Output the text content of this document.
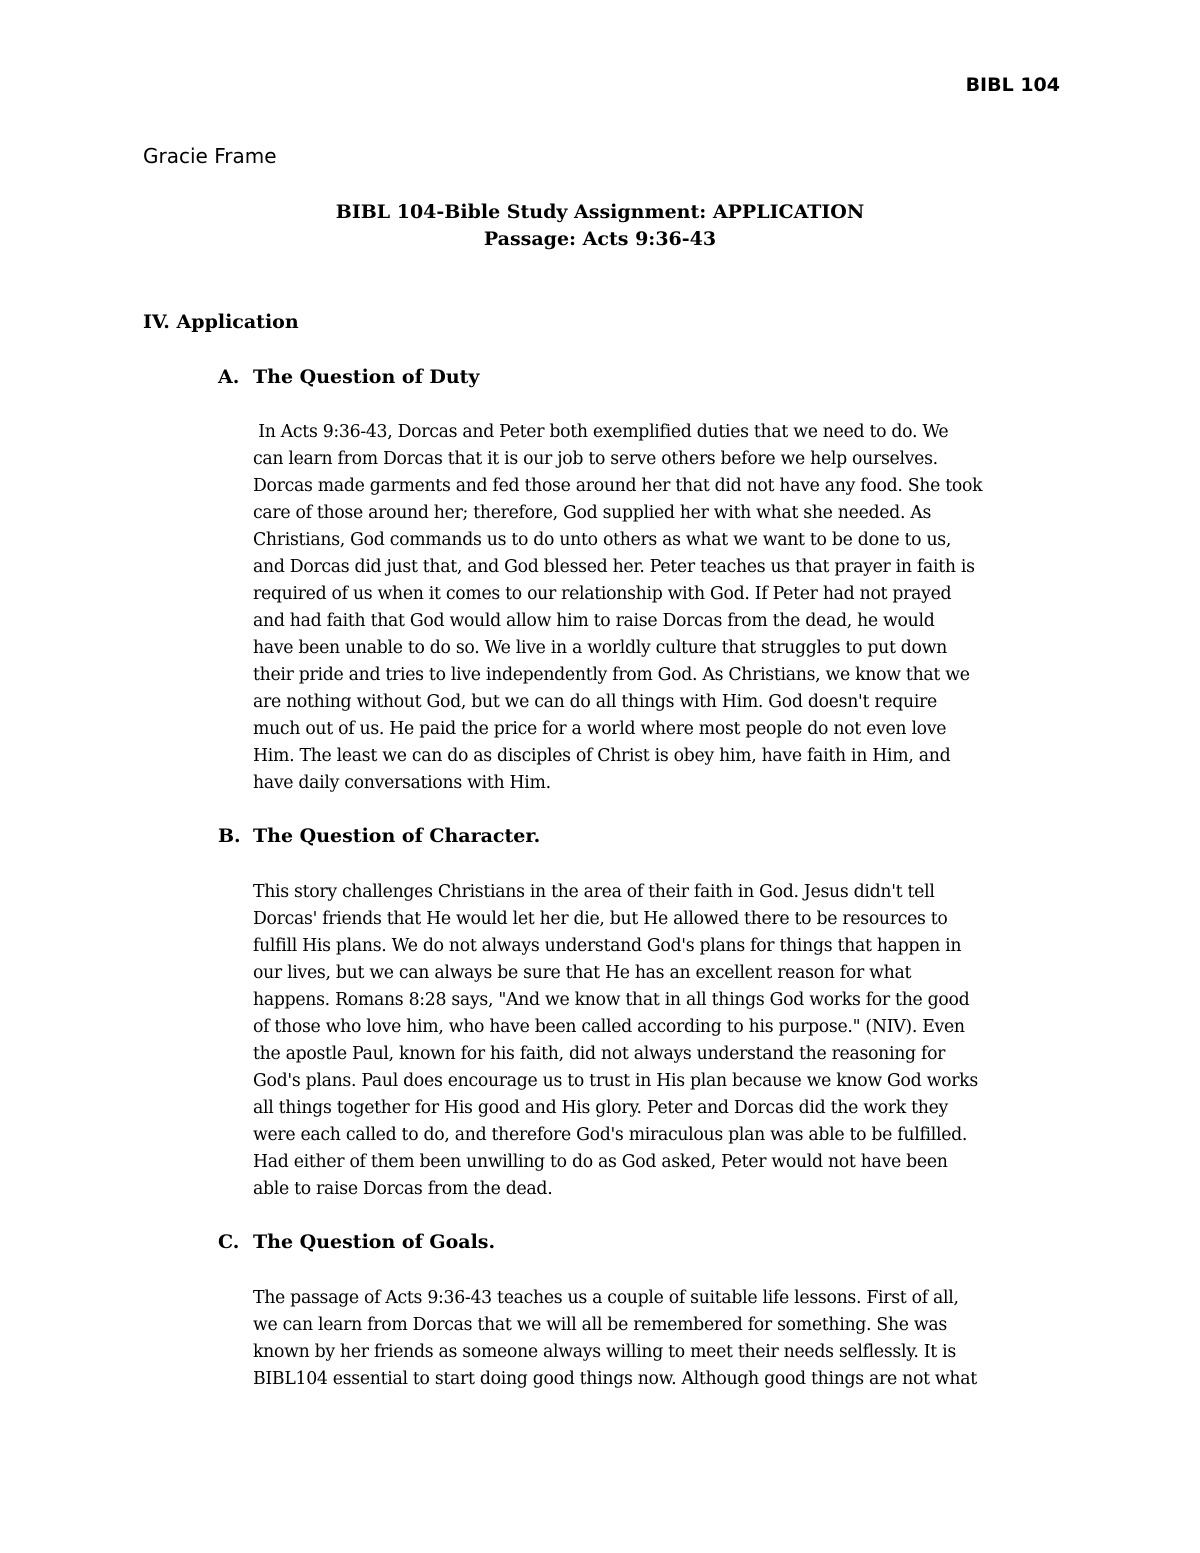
BIBL 104
Gracie Frame
BIBL 104-Bible Study Assignment: APPLICATION
Passage: Acts 9:36-43
IV. Application
A. The Question of Duty

In Acts 9:36-43, Dorcas and Peter both exemplified duties that we need to do. We

can learn from Dorcas that it is our job to serve others before we help ourselves.

Dorcas made garments and fed those around her that did not have any food. She took

care of those around her; therefore, God supplied her with what she needed. As

Christians, God commands us to do unto others as what we want to be done to us,

and Dorcas did just that, and God blessed her. Peter teaches us that prayer in faith is

required of us when it comes to our relationship with God. If Peter had not prayed

and had faith that God would allow him to raise Dorcas from the dead, he would

have been unable to do so. We live in a worldly culture that struggles to put down

their pride and tries to live independently from God. As Christians, we know that we

are nothing without God, but we can do all things with Him. God doesn't require

much out of us. He paid the price for a world where most people do not even love

Him. The least we can do as disciples of Christ is obey him, have faith in Him, and

have daily conversations with Him.

B. The Question of Character.

This story challenges Christians in the area of their faith in God. Jesus didn't tell

Dorcas' friends that He would let her die, but He allowed there to be resources to

fulfill His plans. We do not always understand God's plans for things that happen in

our lives, but we can always be sure that He has an excellent reason for what

happens. Romans 8:28 says, "And we know that in all things God works for the good

of those who love him, who have been called according to his purpose." (NIV). Even

the apostle Paul, known for his faith, did not always understand the reasoning for

God's plans. Paul does encourage us to trust in His plan because we know God works

all things together for His good and His glory. Peter and Dorcas did the work they

were each called to do, and therefore God's miraculous plan was able to be fulfilled.

Had either of them been unwilling to do as God asked, Peter would not have been

able to raise Dorcas from the dead.

C. The Question of Goals.

The passage of Acts 9:36-43 teaches us a couple of suitable life lessons. First of all,

we can learn from Dorcas that we will all be remembered for something. She was

known by her friends as someone always willing to meet their needs selflessly. It is

BIBL104 essential to start doing good things now. Although good things are not what
